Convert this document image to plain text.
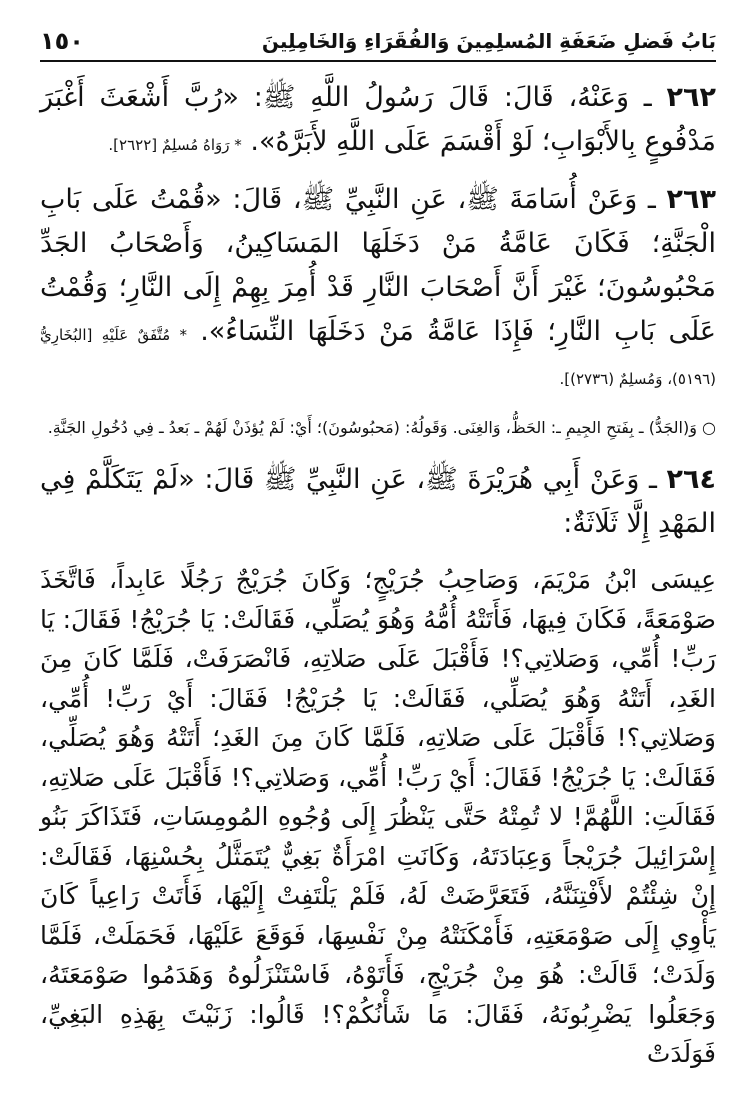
بَابُ فَضلِ ضَعَفَةِ المُسلِمِينَ وَالفُقَرَاءِ وَالخَامِلِينَ
١٥٠

٢٦٢ ـ وَعَنْهُ، قَالَ: قَالَ رَسُولُ اللَّهِ ﷺ: «رُبَّ أَشْعَثَ أَغْبَرَ مَدْفُوعٍ بِالأَبْوَابِ؛ لَوْ أَقْسَمَ عَلَى اللَّهِ لأَبَرَّهُ». * رَوَاهُ مُسلِمٌ [٢٦٢٢].

٢٦٣ ـ وَعَنْ أُسَامَةَ ﷺ، عَنِ النَّبِيِّ ﷺ، قَالَ: «قُمْتُ عَلَى بَابِ الْجَنَّةِ؛ فَكَانَ عَامَّةُ مَنْ دَخَلَهَا المَسَاكِينُ، وَأَصْحَابُ الجَدِّ مَحْبُوسُونَ؛ غَيْرَ أَنَّ أَصْحَابَ النَّارِ قَدْ أُمِرَ بِهِمْ إِلَى النَّارِ؛ وَقُمْتُ عَلَى بَابِ النَّارِ؛ فَإِذَا عَامَّةُ مَنْ دَخَلَهَا النِّسَاءُ». * مُتَّفَقٌ عَلَيْهِ [البُخَارِيُّ (٥١٩٦)، وَمُسلِمٌ (٢٧٣٦)].

○ وَ(الجَدُّ) ـ بِفَتحِ الجِيمِ ـ: الحَظُّ، وَالغِنَى. وَقَولُهُ: (مَحبُوسُونَ)؛ أَيْ: لَمْ يُؤذَنْ لَهُمْ ـ بَعدُ ـ فِي دُخُولِ الجَنَّةِ.

٢٦٤ ـ وَعَنْ أَبِي هُرَيْرَةَ ﷺ، عَنِ النَّبِيِّ ﷺ قَالَ: «لَمْ يَتَكَلَّمْ فِي المَهْدِ إِلَّا ثَلَاثَةٌ:

عِيسَى ابْنُ مَرْيَمَ، وَصَاحِبُ جُرَيْجٍ؛ وَكَانَ جُرَيْجٌ رَجُلًا عَابِداً، فَاتَّخَذَ صَوْمَعَةً، فَكَانَ فِيهَا، فَأَتَتْهُ أُمُّهُ وَهُوَ يُصَلِّي، فَقَالَتْ: يَا جُرَيْجُ! فَقَالَ: يَا رَبِّ! أُمِّي، وَصَلاتِي؟! فَأَقْبَلَ عَلَى صَلاتِهِ، فَانْصَرَفَتْ، فَلَمَّا كَانَ مِنَ الغَدِ، أَتَتْهُ وَهُوَ يُصَلِّي، فَقَالَتْ: يَا جُرَيْجُ! فَقَالَ: أَيْ رَبِّ! أُمِّي، وَصَلاتِي؟! فَأَقْبَلَ عَلَى صَلاتِهِ، فَلَمَّا كَانَ مِنَ الغَدِ؛ أَتَتْهُ وَهُوَ يُصَلِّي، فَقَالَتْ: يَا جُرَيْجُ! فَقَالَ: أَيْ رَبِّ! أُمِّي، وَصَلاتِي؟! فَأَقْبَلَ عَلَى صَلاتِهِ، فَقَالَتِ: اللَّهُمَّ! لا تُمِتْهُ حَتَّى يَنْظُرَ إِلَى وُجُوهِ المُومِسَاتِ، فَتَذَاكَرَ بَنُو إِسْرَائِيلَ جُرَيْجاً وَعِبَادَتَهُ، وَكَانَتِ امْرَأَةٌ بَغِيٌّ يُتَمَثَّلُ بِحُسْنِهَا، فَقَالَتْ: إِنْ شِئْتُمْ لأَفْتِنَنَّهُ، فَتَعَرَّضَتْ لَهُ، فَلَمْ يَلْتَفِتْ إِلَيْهَا، فَأَتَتْ رَاعِياً كَانَ يَأْوِي إِلَى صَوْمَعَتِهِ، فَأَمْكَنَتْهُ مِنْ نَفْسِهَا، فَوَقَعَ عَلَيْهَا، فَحَمَلَتْ، فَلَمَّا وَلَدَتْ؛ قَالَتْ: هُوَ مِنْ جُرَيْجٍ، فَأَتَوْهُ، فَاسْتَنْزَلُوهُ وَهَدَمُوا صَوْمَعَتَهُ، وَجَعَلُوا يَضْرِبُونَهُ، فَقَالَ: مَا شَأْنُكُمْ؟! قَالُوا: زَنَيْتَ بِهَذِهِ البَغِيِّ، فَوَلَدَتْ
